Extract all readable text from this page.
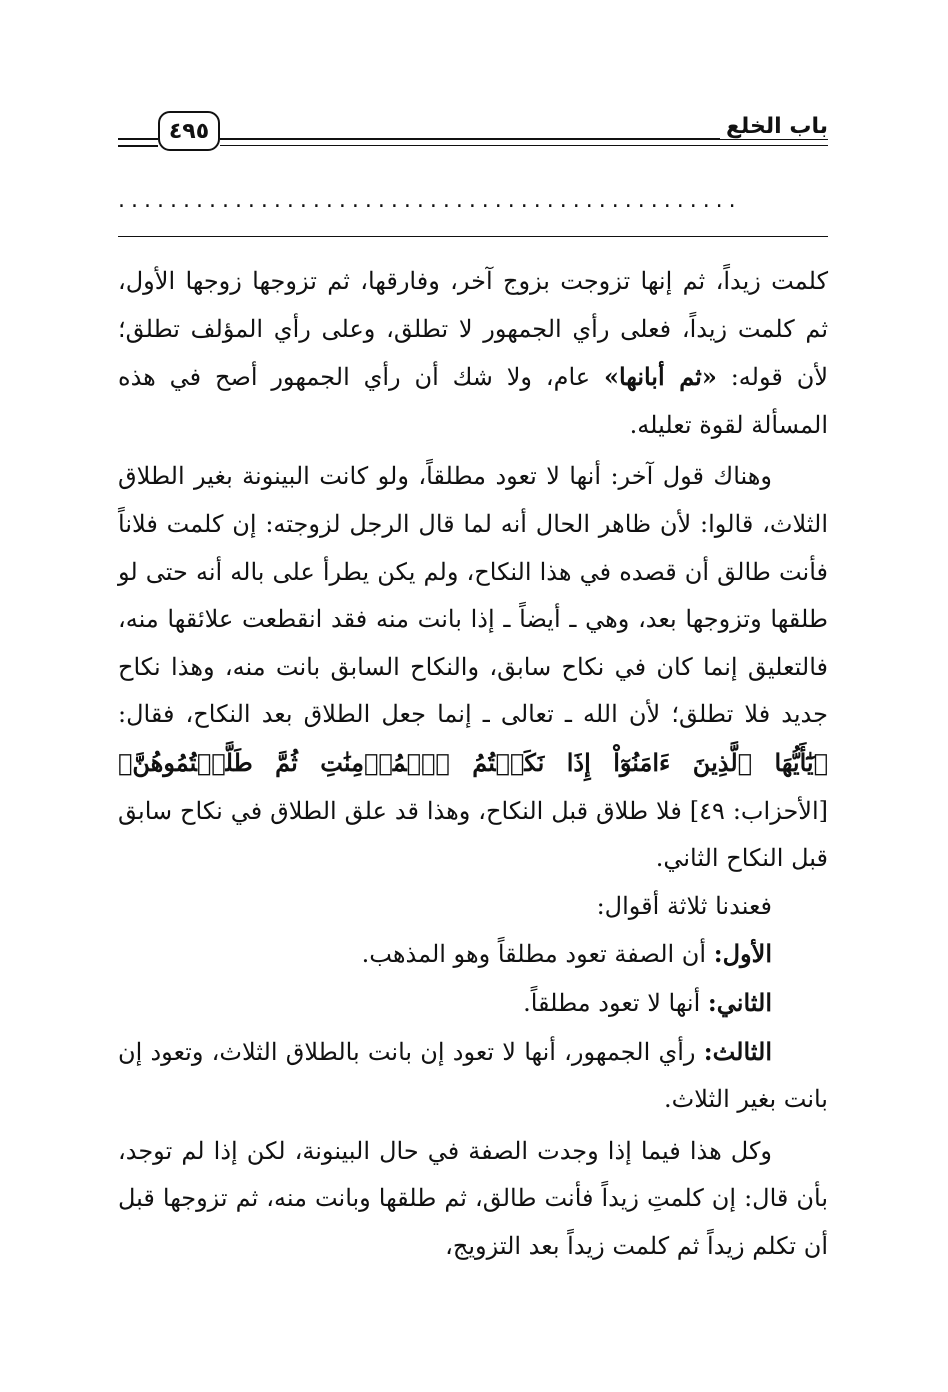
٤٩٥	باب الخلع
................................................

كلمت زيداً، ثم إنها تزوجت بزوج آخر، وفارقها، ثم تزوجها زوجها الأول، ثم كلمت زيداً، فعلى رأي الجمهور لا تطلق، وعلى رأي المؤلف تطلق؛ لأن قوله: «ثم أبانها» عام، ولا شك أن رأي الجمهور أصح في هذه المسألة لقوة تعليله.

وهناك قول آخر: أنها لا تعود مطلقاً، ولو كانت البينونة بغير الطلاق الثلاث، قالوا: لأن ظاهر الحال أنه لما قال الرجل لزوجته: إن كلمت فلاناً فأنت طالق أن قصده في هذا النكاح، ولم يكن يطرأ على باله أنه حتى لو طلقها وتزوجها بعد، وهي ـ أيضاً ـ إذا بانت منه فقد انقطعت علائقها منه، فالتعليق إنما كان في نكاح سابق، والنكاح السابق بانت منه، وهذا نكاح جديد فلا تطلق؛ لأن الله ـ تعالى ـ إنما جعل الطلاق بعد النكاح، فقال: ﴿يَٰٓأَيُّهَا ٱلَّذِينَ ءَامَنُوٓاْ إِذَا نَكَحۡتُمُ ٱلۡمُؤۡمِنَٰتِ ثُمَّ طَلَّقۡتُمُوهُنَّ﴾ [الأحزاب: ٤٩] فلا طلاق قبل النكاح، وهذا قد علق الطلاق في نكاح سابق قبل النكاح الثاني.

فعندنا ثلاثة أقوال:

الأول: أن الصفة تعود مطلقاً وهو المذهب.

الثاني: أنها لا تعود مطلقاً.

الثالث: رأي الجمهور، أنها لا تعود إن بانت بالطلاق الثلاث، وتعود إن بانت بغير الثلاث.

وكل هذا فيما إذا وجدت الصفة في حال البينونة، لكن إذا لم توجد، بأن قال: إن كلمتِ زيداً فأنت طالق، ثم طلقها وبانت منه، ثم تزوجها قبل أن تكلم زيداً ثم كلمت زيداً بعد التزويج،
